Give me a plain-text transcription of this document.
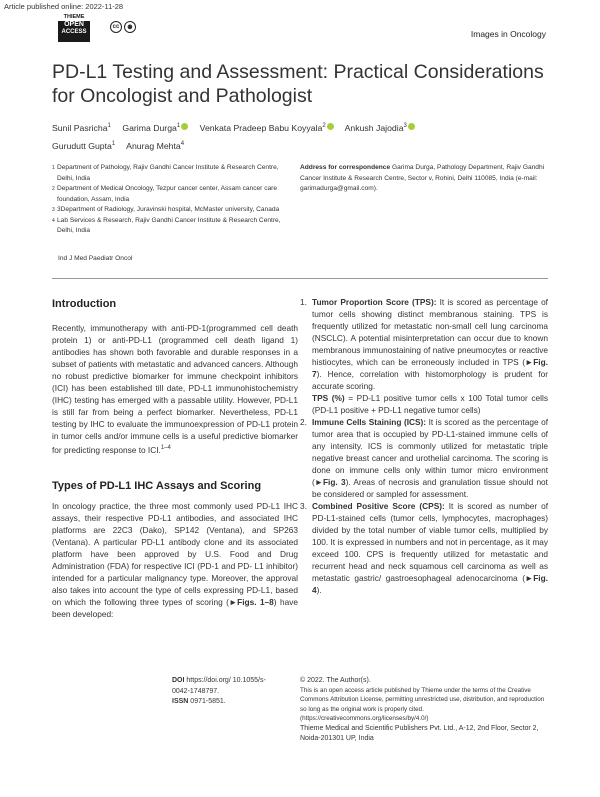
Article published online: 2022-11-28
THIEME
OPEN
ACCESS
cc	⚉
Images in Oncology
PD-L1 Testing and Assessment: Practical Considerations for Oncologist and Pathologist
Sunil Pasricha$^1$ Garima Durga$^1$ Venkata Pradeep Babu Koyyala$^2$ Ankush Jajodia$^3$
Gurudutt Gupta$^1$ Anurag Mehta$^4$
1 Department of Pathology, Rajiv Gandhi Cancer Institute & Research Centre, Delhi, India
2 Department of Medical Oncology, Tezpur cancer center, Assam cancer care foundation, Assam, India
3 3Department of Radiology, Juravinski hospital, McMaster university, Canada
4 Lab Services & Research, Rajiv Gandhi Cancer Institute & Research Centre, Delhi, India
Ind J Med Paediatr Oncol
Address for correspondence Garima Durga, Pathology Department, Rajiv Gandhi Cancer Institute & Research Centre, Sector v, Rohini, Delhi 110085, India (e-mail: garimadurga@gmail.com).
Introduction
Recently, immunotherapy with anti-PD-1(programmed cell death protein 1) or anti-PD-L1 (programmed cell death ligand 1) antibodies has shown both favorable and durable responses in a subset of patients with metastatic and advanced cancers. Although no robust predictive biomarker for immune checkpoint inhibitors (ICI) has been established till date, PD-L1 immunohistochemistry (IHC) testing has emerged with a passable utility. However, PD-L1 is still far from being a perfect biomarker. Nevertheless, PD-L1 testing by IHC to evaluate the immunoexpression of PD-L1 protein in tumor cells and/or immune cells is a useful predictive biomarker for predicting response to ICI.$^{1-4}$
Types of PD-L1 IHC Assays and Scoring
In oncology practice, the three most commonly used PD-L1 IHC assays, their respective PD-L1 antibodies, and associated IHC platforms are 22C3 (Dako), SP142 (Ventana), and SP263 (Ventana). A particular PD-L1 antibody clone and its associated platform have been approved by U.S. Food and Drug Administration (FDA) for respective ICI (PD-1 and PD- L1 inhibitor) intended for a particular malignancy type. Moreover, the approval also takes into account the type of cells expressing PD-L1, based on which the following three types of scoring (►Figs. 1–8) have been developed:
1. Tumor Proportion Score (TPS): It is scored as percentage of tumor cells showing distinct membranous staining. TPS is frequently utilized for metastatic non-small cell lung carcinoma (NSCLC). A potential misinterpretation can occur due to known membranous immunostaining of native pneumocytes or reactive histiocytes, which can be erroneously included in TPS (►Fig. 7). Hence, correlation with histomorphology is prudent for accurate scoring.
TPS (%) = PD-L1 positive tumor cells x 100 Total tumor cells (PD-L1 positive + PD-L1 negative tumor cells)
2. Immune Cells Staining (ICS): It is scored as the percentage of tumor area that is occupied by PD-L1-stained immune cells of any intensity. ICS is commonly utilized for metastatic triple negative breast cancer and urothelial carcinoma. The scoring is done on immune cells only within tumor micro environment (►Fig. 3). Areas of necrosis and granulation tissue should not be considered or sampled for assessment.
3. Combined Positive Score (CPS): It is scored as number of PD-L1-stained cells (tumor cells, lymphocytes, macrophages) divided by the total number of viable tumor cells, multiplied by 100. It is expressed in numbers and not in percentage, as it may exceed 100. CPS is frequently utilized for metastatic and recurrent head and neck squamous cell carcinoma as well as metastatic gastric/ gastroesophageal adenocarcinoma (►Fig. 4).
DOI https://doi.org/ 10.1055/s-0042-1748797.
ISSN 0971-5851.
© 2022. The Author(s).
This is an open access article published by Thieme under the terms of the Creative Commons Attribution License, permitting unrestricted use, distribution, and reproduction so long as the original work is properly cited. (https://creativecommons.org/licenses/by/4.0/)
Thieme Medical and Scientific Publishers Pvt. Ltd., A-12, 2nd Floor, Sector 2, Noida-201301 UP, India
